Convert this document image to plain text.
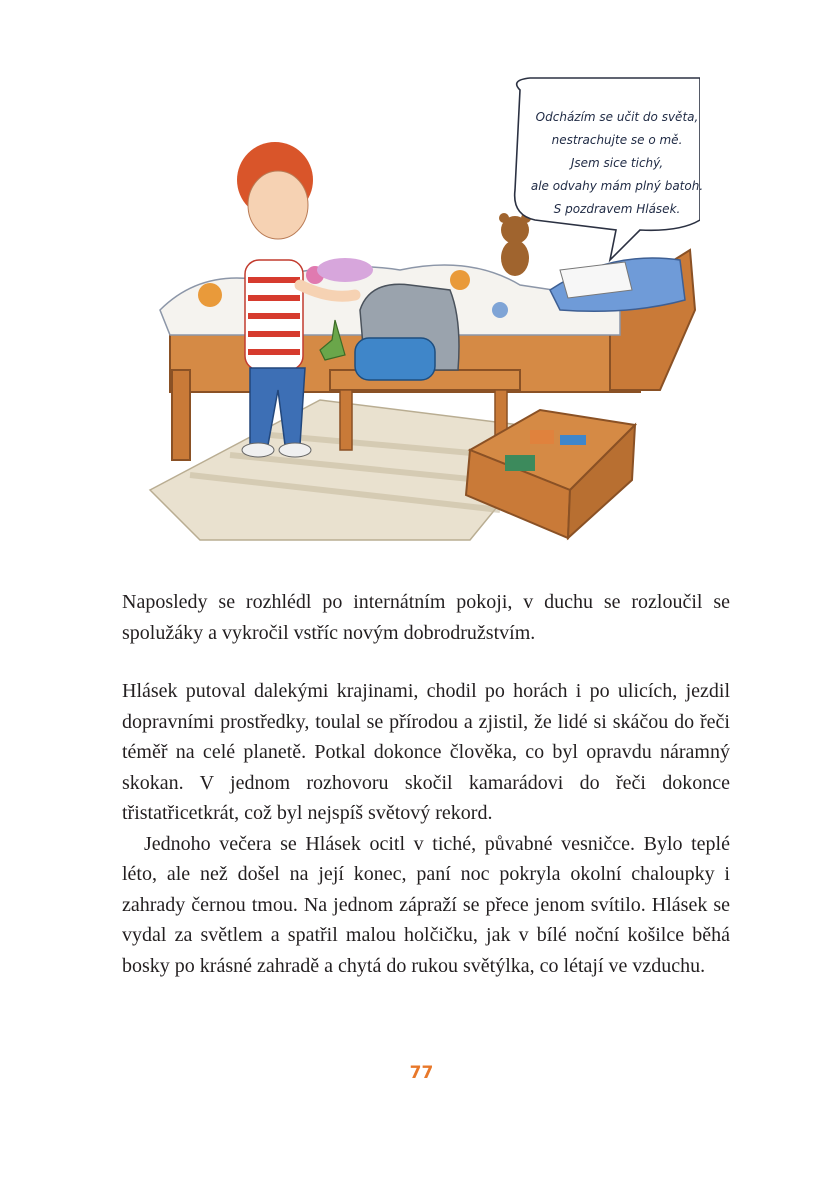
Odcházím se učit do světa,
nestrachujte se o mě.
Jsem sice tichý,
ale odvahy mám plný batoh.
S pozdravem Hlásek.

Naposledy se rozhlédl po internátním pokoji, v duchu se rozloučil se spolužáky a vykročil vstříc novým dobrodružstvím.

Hlásek putoval dalekými krajinami, chodil po horách i po ulicích, jezdil dopravními prostředky, toulal se přírodou a zjistil, že lidé si skáčou do řeči téměř na celé planetě. Potkal dokonce člověka, co byl opravdu náramný skokan. V jednom rozhovoru skočil kamarádovi do řeči dokonce třistatřicetkrát, což byl nejspíš světový rekord.

Jednoho večera se Hlásek ocitl v tiché, půvabné vesničce. Bylo teplé léto, ale než došel na její konec, paní noc pokryla okolní chaloupky i zahrady černou tmou. Na jednom zápraží se přece jenom svítilo. Hlásek se vydal za světlem a spatřil malou holčičku, jak v bílé noční košilce běhá bosky po krásné zahradě a chytá do rukou světýlka, co létají ve vzduchu.

77
